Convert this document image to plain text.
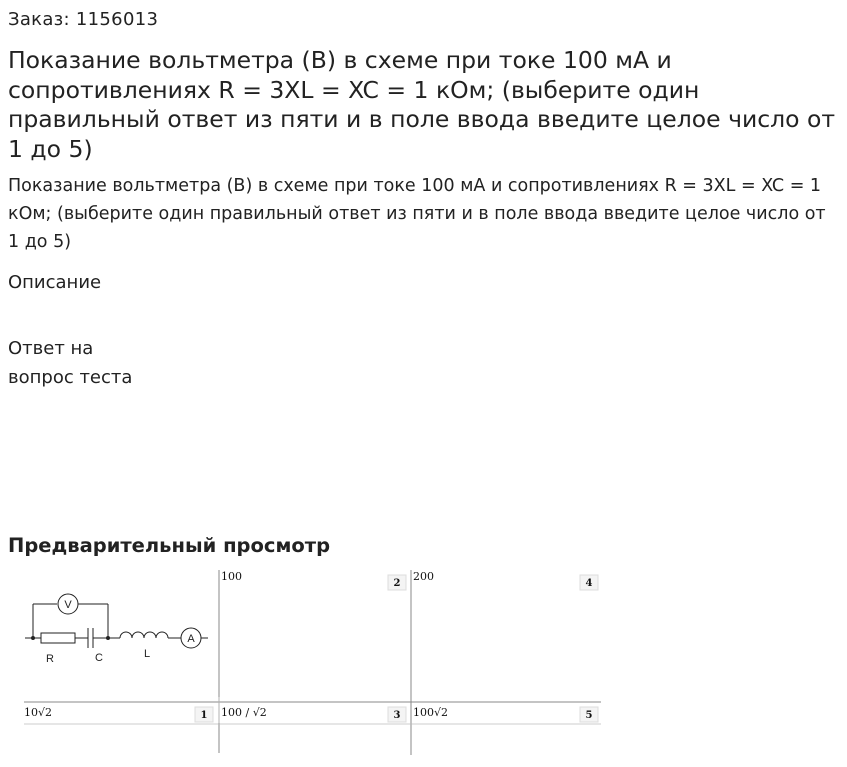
Заказ: 1156013
Показание вольтметра (В) в схеме при токе 100 мА и сопротивлениях R = 3XL = XC = 1 кОм; (выберите один правильный ответ из пяти и в поле ввода введите целое число от 1 до 5)
Показание вольтметра (В) в схеме при токе 100 мА и сопротивлениях R = 3XL = XC = 1 кОм; (выберите один правильный ответ из пяти и в поле ввода введите целое число от 1 до 5)
Описание
Ответ на
вопрос теста
Предварительный просмотр
V
A
R	C	L
100	200
10√2	100 / √2	100√2
2	4
1	3	5
